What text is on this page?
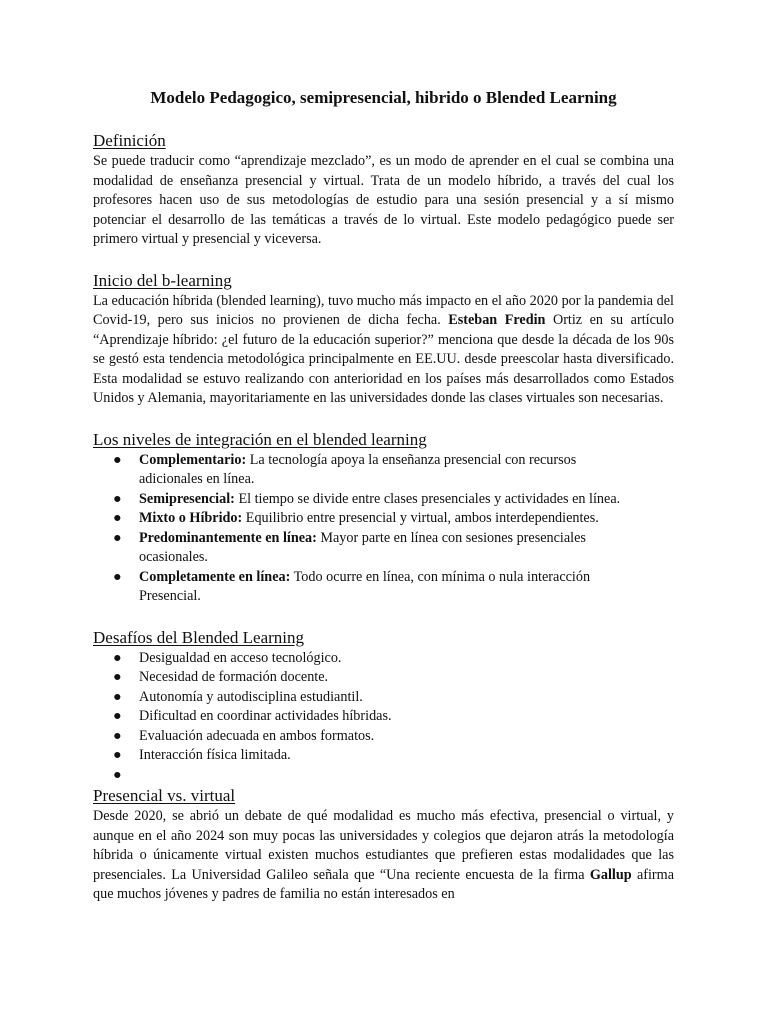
Modelo Pedagogico, semipresencial, hibrido o Blended Learning
Definición

Se puede traducir como “aprendizaje mezclado”, es un modo de aprender en el cual se combina una modalidad de enseñanza presencial y virtual. Trata de un modelo híbrido, a través del cual los profesores hacen uso de sus metodologías de estudio para una sesión presencial y a sí mismo potenciar el desarrollo de las temáticas a través de lo virtual. Este modelo pedagógico puede ser primero virtual y presencial y viceversa.

Inicio del b-learning

La educación híbrida (blended learning), tuvo mucho más impacto en el año 2020 por la pandemia del Covid-19, pero sus inicios no provienen de dicha fecha. Esteban Fredin Ortiz en su artículo “Aprendizaje híbrido: ¿el futuro de la educación superior?” menciona que desde la década de los 90s se gestó esta tendencia metodológica principalmente en EE.UU. desde preescolar hasta diversificado. Esta modalidad se estuvo realizando con anterioridad en los países más desarrollados como Estados Unidos y Alemania, mayoritariamente en las universidades donde las clases virtuales son necesarias.

Los niveles de integración en el blended learning
● Complementario: La tecnología apoya la enseñanza presencial con recursos adicionales en línea.
● Semipresencial: El tiempo se divide entre clases presenciales y actividades en línea.
● Mixto o Híbrido: Equilibrio entre presencial y virtual, ambos interdependientes.
● Predominantemente en línea: Mayor parte en línea con sesiones presenciales ocasionales.
● Completamente en línea: Todo ocurre en línea, con mínima o nula interacción Presencial.
Desafíos del Blended Learning
● Desigualdad en acceso tecnológico.
● Necesidad de formación docente.
● Autonomía y autodisciplina estudiantil.
● Dificultad en coordinar actividades híbridas.
● Evaluación adecuada en ambos formatos.
● Interacción física limitada.
●

Presencial vs. virtual

Desde 2020, se abrió un debate de qué modalidad es mucho más efectiva, presencial o virtual, y aunque en el año 2024 son muy pocas las universidades y colegios que dejaron atrás la metodología híbrida o únicamente virtual existen muchos estudiantes que prefieren estas modalidades que las presenciales. La Universidad Galileo señala que “Una reciente encuesta de la firma Gallup afirma que muchos jóvenes y padres de familia no están interesados en
